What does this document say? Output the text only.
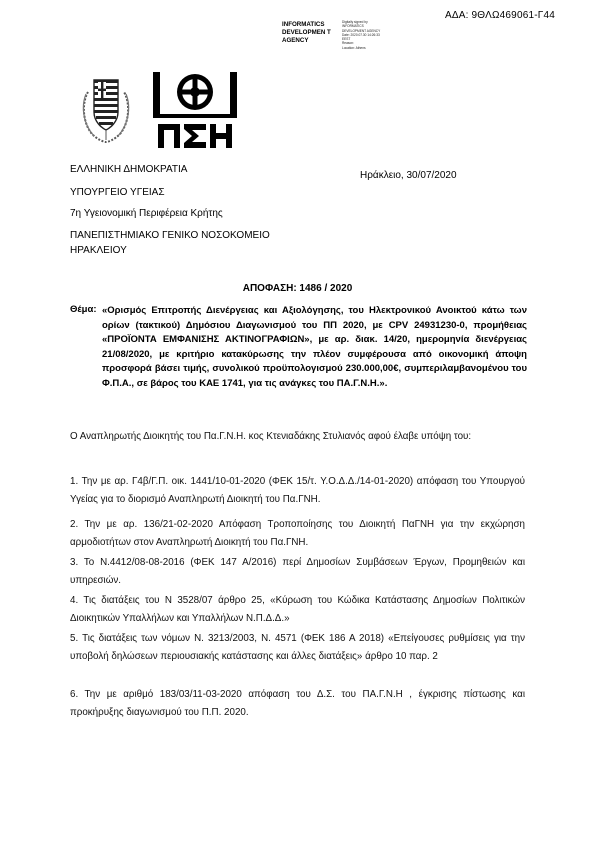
ΑΔΑ: 9ΘΛΩ469061-Γ44
INFORMATICS DEVELOPMEN T AGENCY
Digitally signed by
INFORMATICS
DEVELOPMENT AGENCY
Date: 2020.07.30 14:26:33
EEST
Reason:
Location: Athens
ΕΛΛΗΝΙΚΗ ΔΗΜΟΚΡΑΤΙΑ
ΥΠΟΥΡΓΕΙΟ ΥΓΕΙΑΣ
7η Υγειονομική Περιφέρεια Κρήτης
ΠΑΝΕΠΙΣΤΗΜΙΑΚΟ ΓΕΝΙΚΟ ΝΟΣΟΚΟΜΕΙΟ
ΗΡΑΚΛΕΙΟΥ
Ηράκλειο, 30/07/2020
ΑΠΟΦΑΣΗ: 1486 / 2020
Θέμα: «Ορισμός Επιτροπής Διενέργειας και Αξιολόγησης, του Ηλεκτρονικού Ανοικτού κάτω των ορίων (τακτικού) Δημόσιου Διαγωνισμού του ΠΠ 2020, με CPV 24931230-0, προμήθειας «ΠΡΟΪΟΝΤΑ ΕΜΦΑΝΙΣΗΣ ΑΚΤΙΝΟΓΡΑΦΙΩΝ», με αρ. διακ. 14/20, ημερομηνία διενέργειας 21/08/2020, με κριτήριο κατακύρωσης την πλέον συμφέρουσα από οικονομική άποψη προσφορά βάσει τιμής, συνολικού προϋπολογισμού 230.000,00€, συμπεριλαμβανομένου του Φ.Π.Α., σε βάρος του ΚΑΕ 1741, για τις ανάγκες του ΠΑ.Γ.Ν.Η.».
Ο Αναπληρωτής Διοικητής του Πα.Γ.Ν.Η. κος Κτενιαδάκης Στυλιανός αφού έλαβε υπόψη του:
1. Την με αρ. Γ4β/Γ.Π. οικ. 1441/10-01-2020 (ΦΕΚ 15/τ. Υ.Ο.Δ.Δ./14-01-2020) απόφαση του Υπουργού Υγείας για το διορισμό Αναπληρωτή Διοικητή του Πα.ΓΝΗ.
2. Την με αρ. 136/21-02-2020 Απόφαση Τροποποίησης του Διοικητή ΠαΓΝΗ για την εκχώρηση αρμοδιοτήτων στον Αναπληρωτή Διοικητή του Πα.ΓΝΗ.
3. Το Ν.4412/08-08-2016 (ΦΕΚ 147 Α/2016) περί Δημοσίων Συμβάσεων Έργων, Προμηθειών και υπηρεσιών.
4. Τις διατάξεις του Ν 3528/07 άρθρο 25, «Κύρωση του Κώδικα Κατάστασης Δημοσίων Πολιτικών Διοικητικών Υπαλλήλων και Υπαλλήλων Ν.Π.Δ.Δ.»
5. Τις διατάξεις των νόμων Ν. 3213/2003, Ν. 4571 (ΦΕΚ 186 Α 2018) «Επείγουσες ρυθμίσεις για την υποβολή δηλώσεων περιουσιακής κατάστασης και άλλες διατάξεις» άρθρο 10 παρ. 2
6. Την με αριθμό 183/03/11-03-2020 απόφαση του Δ.Σ. του ΠΑ.Γ.Ν.Η , έγκρισης πίστωσης και προκήρυξης διαγωνισμού του Π.Π. 2020.
